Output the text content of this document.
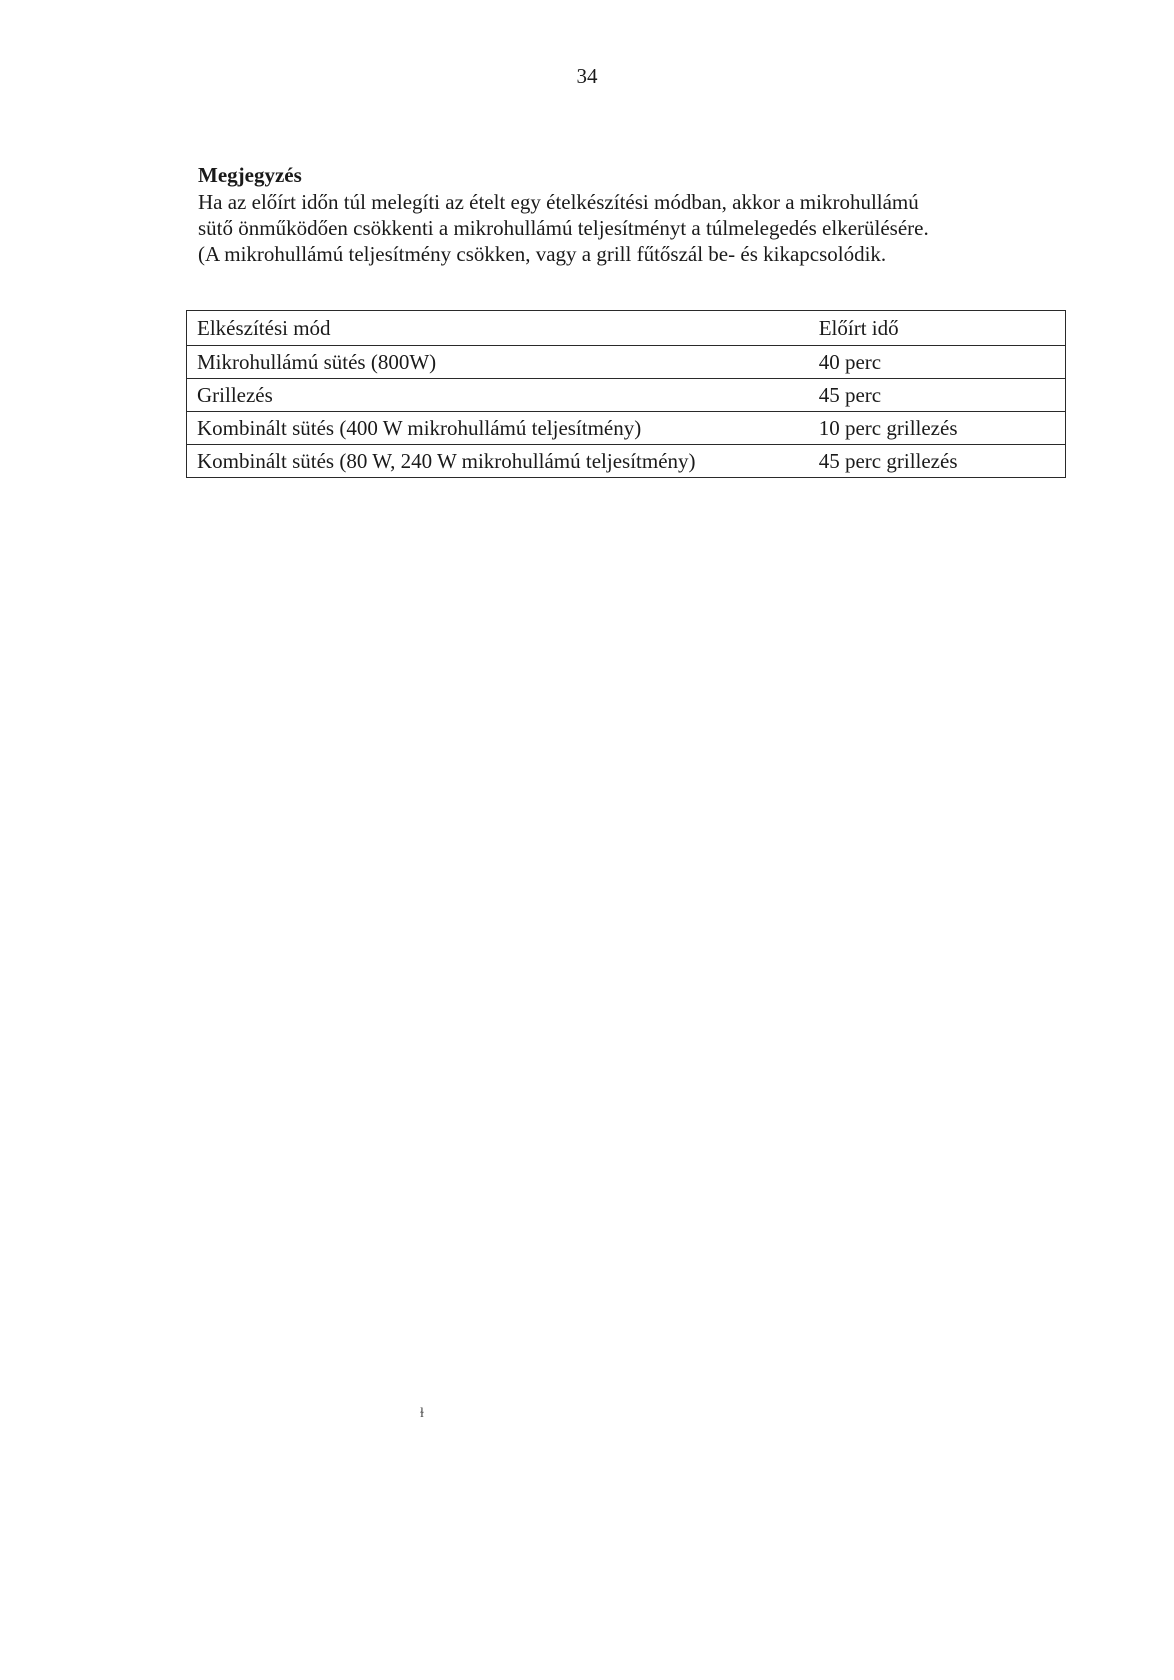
34

Megjegyzés

Ha az előírt időn túl melegíti az ételt egy ételkészítési módban, akkor a mikrohullámú

sütő önműködően csökkenti a mikrohullámú teljesítményt a túlmelegedés elkerülésére.

(A mikrohullámú teljesítmény csökken, vagy a grill fűtőszál be- és kikapcsolódik.

Elkészítési mód	Előírt idő
Mikrohullámú sütés (800W)	40 perc
Grillezés	45 perc
Kombinált sütés (400 W mikrohullámú teljesítmény)	10 perc grillezés
Kombinált sütés (80 W, 240 W mikrohullámú teljesítmény)	45 perc grillezés
ɫ
